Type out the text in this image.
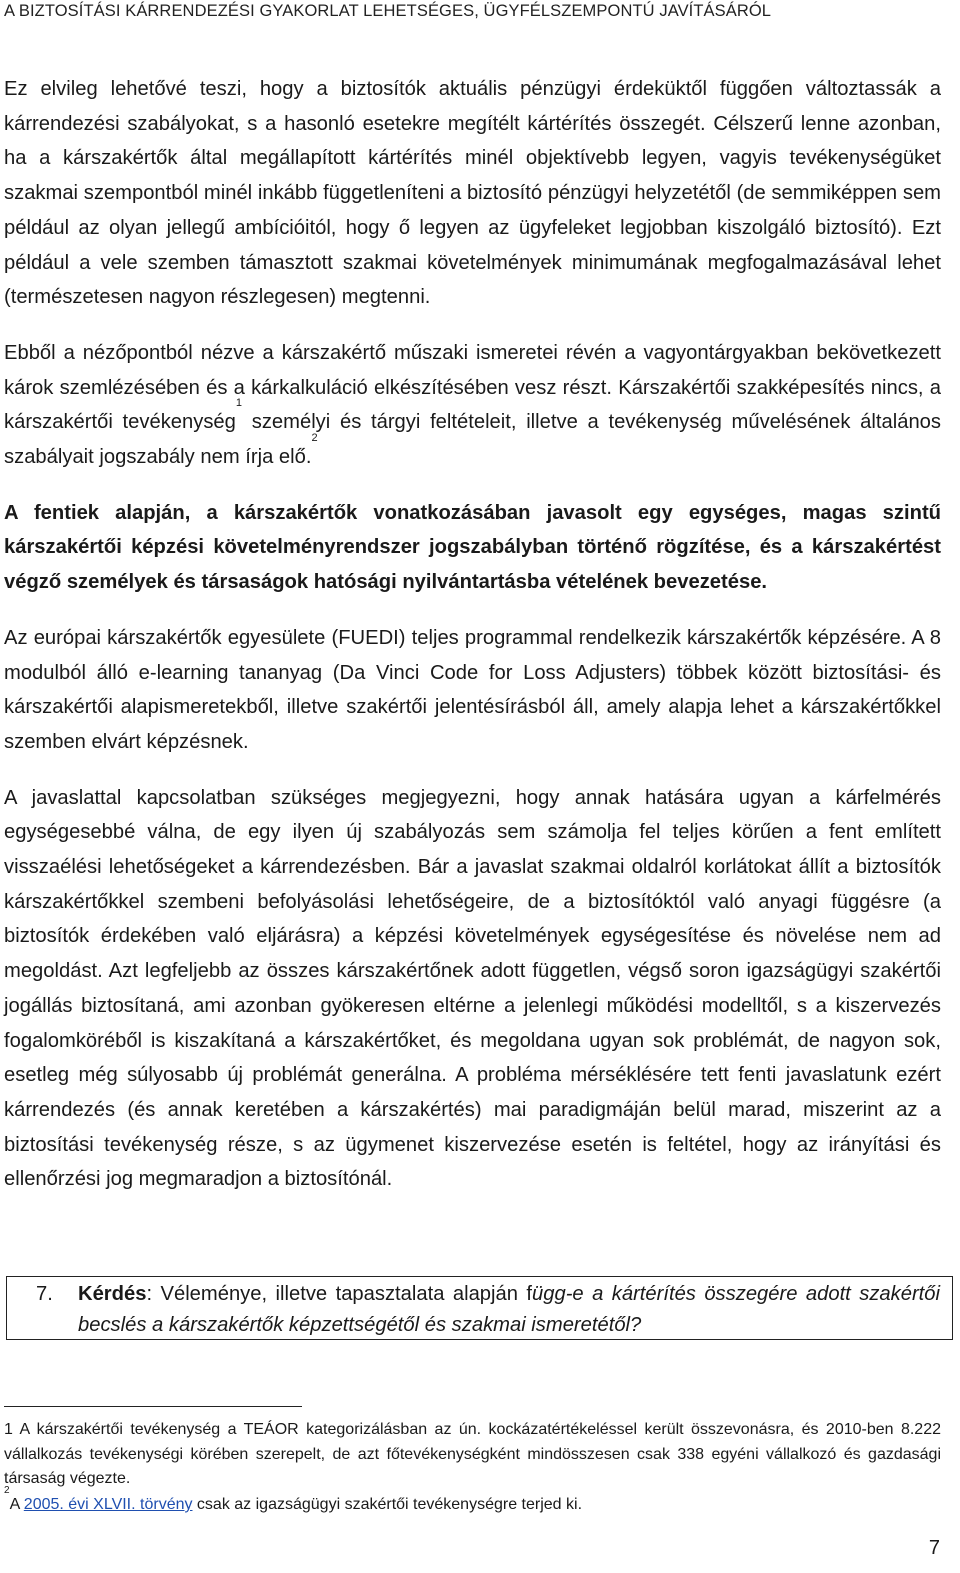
A BIZTOSÍTÁSI KÁRRENDEZÉSI GYAKORLAT LEHETSÉGES, ÜGYFÉLSZEMPONTÚ JAVÍTÁSÁRÓL

Ez elvileg lehetővé teszi, hogy a biztosítók aktuális pénzügyi érdeküktől függően változtassák a kárrendezési szabályokat, s a hasonló esetekre megítélt kártérítés összegét. Célszerű lenne azonban, ha a kárszakértők által megállapított kártérítés minél objektívebb legyen, vagyis tevékenységüket szakmai szempontból minél inkább függetleníteni a biztosító pénzügyi helyzetétől (de semmiképpen sem például az olyan jellegű ambícióitól, hogy ő legyen az ügyfeleket legjobban kiszolgáló biztosító). Ezt például a vele szemben támasztott szakmai követelmények minimumának megfogalmazásával lehet (természetesen nagyon részlegesen) megtenni.

Ebből a nézőpontból nézve a kárszakértő műszaki ismeretei révén a vagyontárgyakban bekövetkezett károk szemlézésében és a kárkalkuláció elkészítésében vesz részt. Kárszakértői szakképesítés nincs, a kárszakértői tevékenység$^1$ személyi és tárgyi feltételeit, illetve a tevékenység művelésének általános szabályait jogszabály nem írja elő.$^2$

A fentiek alapján, a kárszakértők vonatkozásában javasolt egy egységes, magas szintű kárszakértői képzési követelményrendszer jogszabályban történő rögzítése, és a kárszakértést végző személyek és társaságok hatósági nyilvántartásba vételének bevezetése.

Az európai kárszakértők egyesülete (FUEDI) teljes programmal rendelkezik kárszakértők képzésére. A 8 modulból álló e-learning tananyag (Da Vinci Code for Loss Adjusters) többek között biztosítási- és kárszakértői alapismeretekből, illetve szakértői jelentésírásból áll, amely alapja lehet a kárszakértőkkel szemben elvárt képzésnek.

A javaslattal kapcsolatban szükséges megjegyezni, hogy annak hatására ugyan a kárfelmérés egységesebbé válna, de egy ilyen új szabályozás sem számolja fel teljes körűen a fent említett visszaélési lehetőségeket a kárrendezésben. Bár a javaslat szakmai oldalról korlátokat állít a biztosítók kárszakértőkkel szembeni befolyásolási lehetőségeire, de a biztosítóktól való anyagi függésre (a biztosítók érdekében való eljárásra) a képzési követelmények egységesítése és növelése nem ad megoldást. Azt legfeljebb az összes kárszakértőnek adott független, végső soron igazságügyi szakértői jogállás biztosítaná, ami azonban gyökeresen eltérne a jelenlegi működési modelltől, s a kiszervezés fogalomköréből is kiszakítaná a kárszakértőket, és megoldana ugyan sok problémát, de nagyon sok, esetleg még súlyosabb új problémát generálna. A probléma mérséklésére tett fenti javaslatunk ezért kárrendezés (és annak keretében a kárszakértés) mai paradigmáján belül marad, miszerint az a biztosítási tevékenység része, s az ügymenet kiszervezése esetén is feltétel, hogy az irányítási és ellenőrzési jog megmaradjon a biztosítónál.

7. Kérdés: Véleménye, illetve tapasztalata alapján függ-e a kártérítés összegére adott szakértői becslés a kárszakértők képzettségétől és szakmai ismeretétől?
1 A kárszakértői tevékenység a TEÁOR kategorizálásban az ún. kockázatértékeléssel került összevonásra, és 2010-ben 8.222 vállalkozás tevékenységi körében szerepelt, de azt főtevékenységként mindösszesen csak 338 egyéni vállalkozó és gazdasági társaság végezte.
$^2$A 2005. évi XLVII. törvény csak az igazságügyi szakértői tevékenységre terjed ki.
7
